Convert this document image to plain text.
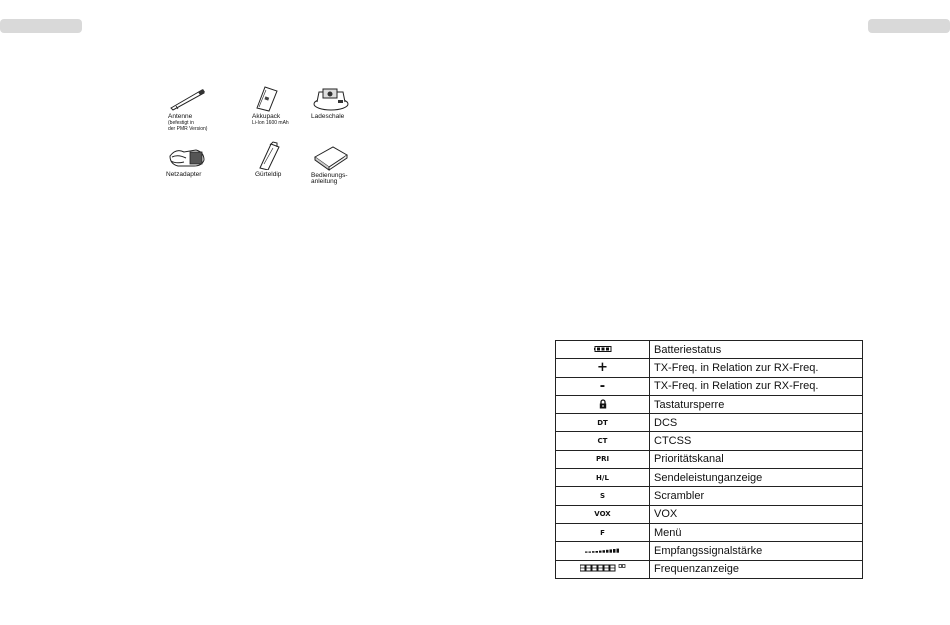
Antenne
(befestigt in
der PMR Version)
Akkupack
Li-Ion 1600 mAh
Ladeschale
Netzadapter	Gürteldip	Bedienungs-
anleitung
	Batteriestatus
+	TX-Freq. in Relation zur RX-Freq.
-	TX-Freq. in Relation zur RX-Freq.
	Tastatursperre
DT	DCS
CT	CTCSS
PRI	Prioritätskanal
H/L	Sendeleistunganzeige
S	Scrambler
VOX	VOX
F	Menü
	Empfangssignalstärke
	Frequenzanzeige
